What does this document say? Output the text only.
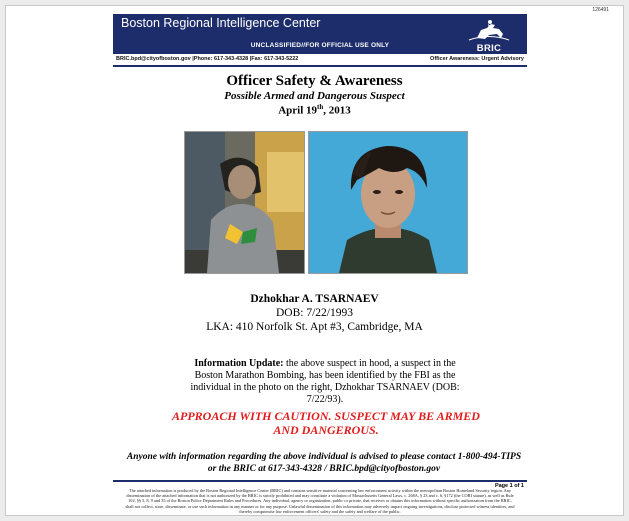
126491
Boston Regional Intelligence Center
UNCLASSIFIED//FOR OFFICIAL USE ONLY	BRIC
BRIC.bpd@cityofboston.gov |Phone: 617-343-4328 |Fax: 617-343-5222	Officer Awareness: Urgent Advisory
Officer Safety & Awareness
Possible Armed and Dangerous Suspect
April 19th, 2013
Dzhokhar A. TSARNAEV
DOB: 7/22/1993
LKA: 410 Norfolk St. Apt #3, Cambridge, MA
Information Update: the above suspect in hood, a suspect in the Boston Marathon Bombing, has been identified by the FBI as the individual in the photo on the right, Dzhokhar TSARNAEV (DOB: 7/22/93).
APPROACH WITH CAUTION. SUSPECT MAY BE ARMED AND DANGEROUS.
Anyone with information regarding the above individual is advised to please contact 1-800-494-TIPS or the BRIC at 617-343-4328 / BRIC.bpd@cityofboston.gov
Page 1 of 1
The attached information is produced by the Boston Regional Intelligence Center (BRIC) and contains sensitive material concerning law enforcement activity within the metropolitan Boston Homeland Security region. Any dissemination of the attached information that is not authorized by the BRIC is strictly prohibited and may constitute a violation of Massachusetts General Laws, c. 268A, § 23 and c. 6, §172 (the CORI statute), as well as Rule 102, §§ 5, 8, 9 and 35 of the Boston Police Department Rules and Procedures. Any individual, agency or organization, public or private, that receives or obtains this information without specific authorization from the BRIC, shall not collect, store, disseminate, or use such information in any manner or for any purpose. Unlawful dissemination of this information may adversely impact ongoing investigations, disclose protected witness identities, and thereby compromise law enforcement officers' safety and the safety and welfare of the public.
